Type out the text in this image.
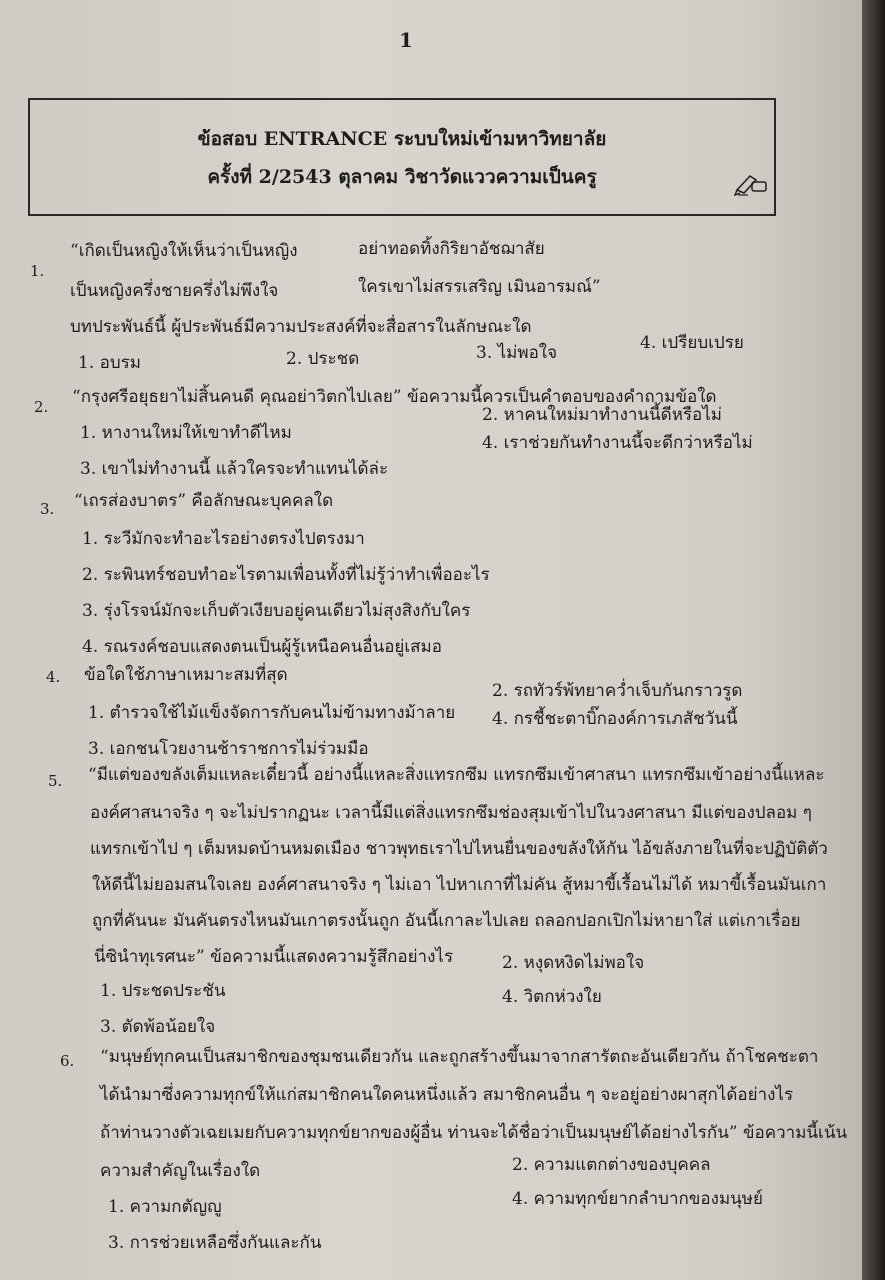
1
ข้อสอบ ENTRANCE ระบบใหม่เข้ามหาวิทยาลัย
ครั้งที่ 2/2543 ตุลาคม วิชาวัดแววความเป็นครู
1.
“เกิดเป็นหญิงให้เห็นว่าเป็นหญิง	อย่าทอดทิ้งกิริยาอัชฌาสัย
เป็นหญิงครึ่งชายครึ่งไม่พึงใจ	ใครเขาไม่สรรเสริญ เมินอารมณ์”
บทประพันธ์นี้ ผู้ประพันธ์มีความประสงค์ที่จะสื่อสารในลักษณะใด
1. อบรม	2. ประชด	3. ไม่พอใจ	4. เปรียบเปรย
2. “กรุงศรีอยุธยาไม่สิ้นคนดี คุณอย่าวิตกไปเลย” ข้อความนี้ควรเป็นคำตอบของคำถามข้อใด
1. หางานใหม่ให้เขาทำดีไหม
2. หาคนใหม่มาทำงานนี้ดีหรือไม่
3. เขาไม่ทำงานนี้ แล้วใครจะทำแทนได้ล่ะ
4. เราช่วยกันทำงานนี้จะดีกว่าหรือไม่
3. “เถรส่องบาตร” คือลักษณะบุคคลใด
1. ระวีมักจะทำอะไรอย่างตรงไปตรงมา
2. ระพินทร์ชอบทำอะไรตามเพื่อนทั้งที่ไม่รู้ว่าทำเพื่ออะไร
3. รุ่งโรจน์มักจะเก็บตัวเงียบอยู่คนเดียวไม่สุงสิงกับใคร
4. รณรงค์ชอบแสดงตนเป็นผู้รู้เหนือคนอื่นอยู่เสมอ
4. ข้อใดใช้ภาษาเหมาะสมที่สุด
1. ตำรวจใช้ไม้แข็งจัดการกับคนไม่ข้ามทางม้าลาย
2. รถทัวร์พ้ทยาคว่ำเจ็บกันกราวรูด
3. เอกชนโวยงานช้าราชการไม่ร่วมมือ
4. กรชี้ชะตาบิ๊กองค์การเภสัชวันนี้
5. “มีแต่ของขลังเต็มแหละเดี๋ยวนี้ อย่างนี้แหละสิ่งแทรกซึม แทรกซึมเข้าศาสนา แทรกซึมเข้าอย่างนี้แหละ
องค์ศาสนาจริง ๆ จะไม่ปรากฏนะ เวลานี้มีแต่สิ่งแทรกซึมช่องสุมเข้าไปในวงศาสนา มีแต่ของปลอม ๆ
แทรกเข้าไป ๆ เต็มหมดบ้านหมดเมือง ชาวพุทธเราไปไหนยื่นของขลังให้กัน ไอ้ขลังภายในที่จะปฏิบัติตัว
ให้ดีนี้ไม่ยอมสนใจเลย องค์ศาสนาจริง ๆ ไม่เอา ไปหาเกาที่ไม่คัน สู้หมาขี้เรื้อนไม่ได้ หมาขี้เรื้อนมันเกา
ถูกที่คันนะ มันคันตรงไหนมันเกาตรงนั้นถูก อันนี้เกาละไปเลย ถลอกปอกเปิกไม่หายาใส่ แต่เกาเรื่อย
นี่ซินำทุเรศนะ” ข้อความนี้แสดงความรู้สึกอย่างไร
1. ประชดประชัน
2. หงุดหงิดไม่พอใจ
3. ตัดพ้อน้อยใจ
4. วิตกห่วงใย
6. “มนุษย์ทุกคนเป็นสมาชิกของชุมชนเดียวกัน และถูกสร้างขึ้นมาจากสารัตถะอันเดียวกัน ถ้าโชคชะตา
ได้นำมาซึ่งความทุกข์ให้แก่สมาชิกคนใดคนหนึ่งแล้ว สมาชิกคนอื่น ๆ จะอยู่อย่างผาสุกได้อย่างไร
ถ้าท่านวางตัวเฉยเมยกับความทุกข์ยากของผู้อื่น ท่านจะได้ชื่อว่าเป็นมนุษย์ได้อย่างไรกัน” ข้อความนี้เน้น
ความสำคัญในเรื่องใด
1. ความกตัญญู
2. ความแตกต่างของบุคคล
3. การช่วยเหลือซึ่งกันและกัน
4. ความทุกข์ยากลำบากของมนุษย์
